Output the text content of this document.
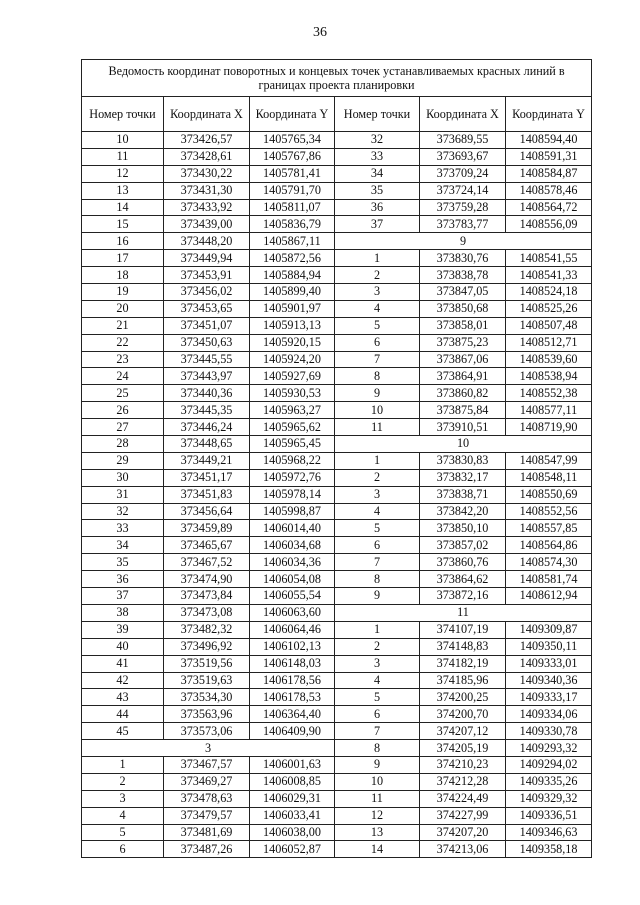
36
Ведомость координат поворотных и концевых точек устанавливаемых красных линий в границах проекта планировки					
Номер точки	Координата X	Координата Y	Номер точки	Координата X	Координата Y
10	373426,57	1405765,34	32	373689,55	1408594,40
11	373428,61	1405767,86	33	373693,67	1408591,31
12	373430,22	1405781,41	34	373709,24	1408584,87
13	373431,30	1405791,70	35	373724,14	1408578,46
14	373433,92	1405811,07	36	373759,28	1408564,72
15	373439,00	1405836,79	37	373783,77	1408556,09
16	373448,20	1405867,11	9		
17	373449,94	1405872,56	1	373830,76	1408541,55
18	373453,91	1405884,94	2	373838,78	1408541,33
19	373456,02	1405899,40	3	373847,05	1408524,18
20	373453,65	1405901,97	4	373850,68	1408525,26
21	373451,07	1405913,13	5	373858,01	1408507,48
22	373450,63	1405920,15	6	373875,23	1408512,71
23	373445,55	1405924,20	7	373867,06	1408539,60
24	373443,97	1405927,69	8	373864,91	1408538,94
25	373440,36	1405930,53	9	373860,82	1408552,38
26	373445,35	1405963,27	10	373875,84	1408577,11
27	373446,24	1405965,62	11	373910,51	1408719,90
28	373448,65	1405965,45	10		
29	373449,21	1405968,22	1	373830,83	1408547,99
30	373451,17	1405972,76	2	373832,17	1408548,11
31	373451,83	1405978,14	3	373838,71	1408550,69
32	373456,64	1405998,87	4	373842,20	1408552,56
33	373459,89	1406014,40	5	373850,10	1408557,85
34	373465,67	1406034,68	6	373857,02	1408564,86
35	373467,52	1406034,36	7	373860,76	1408574,30
36	373474,90	1406054,08	8	373864,62	1408581,74
37	373473,84	1406055,54	9	373872,16	1408612,94
38	373473,08	1406063,60	11		
39	373482,32	1406064,46	1	374107,19	1409309,87
40	373496,92	1406102,13	2	374148,83	1409350,11
41	373519,56	1406148,03	3	374182,19	1409333,01
42	373519,63	1406178,56	4	374185,96	1409340,36
43	373534,30	1406178,53	5	374200,25	1409333,17
44	373563,96	1406364,40	6	374200,70	1409334,06
45	373573,06	1406409,90	7	374207,12	1409330,78
3			8	374205,19	1409293,32
1	373467,57	1406001,63	9	374210,23	1409294,02
2	373469,27	1406008,85	10	374212,28	1409335,26
3	373478,63	1406029,31	11	374224,49	1409329,32
4	373479,57	1406033,41	12	374227,99	1409336,51
5	373481,69	1406038,00	13	374207,20	1409346,63
6	373487,26	1406052,87	14	374213,06	1409358,18
